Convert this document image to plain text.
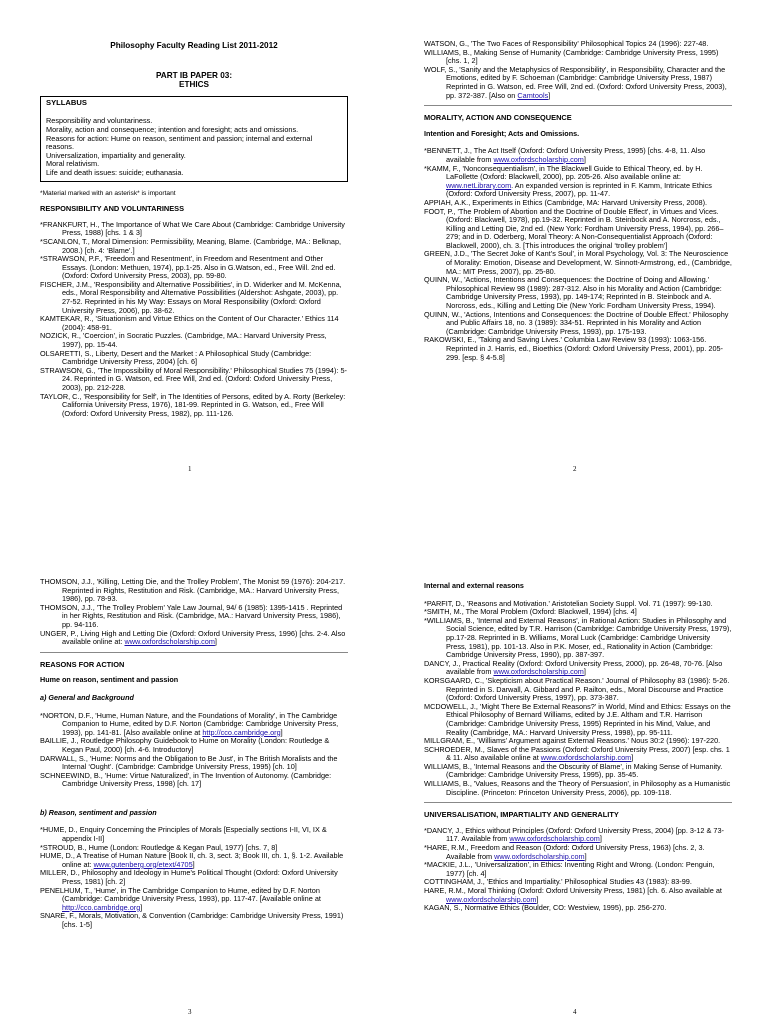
Philosophy Faculty Reading List 2011-2012
PART IB PAPER 03:
ETHICS
SYLLABUS
Responsibility and voluntariness.
Morality, action and consequence; intention and foresight; acts and omissions.
Reasons for action: Hume on reason, sentiment and passion; internal and external reasons.
Universalization, impartiality and generality.
Moral relativism.
Life and death issues: suicide; euthanasia.
*Material marked with an asterisk* is important
RESPONSIBILITY AND VOLUNTARINESS

*FRANKFURT, H., The Importance of What We Care About (Cambridge: Cambridge University Press, 1988) [chs. 1 & 3]

*SCANLON, T., Moral Dimension: Permissibility, Meaning, Blame. (Cambridge, MA.: Belknap, 2008.) [ch. 4: ‘Blame’.]

*STRAWSON, P.F., 'Freedom and Resentment', in Freedom and Resentment and Other Essays. (London: Methuen, 1974), pp.1-25. Also in G.Watson, ed., Free Will. 2nd ed. (Oxford: Oxford University Press, 2003), pp. 59-80.

FISCHER, J.M., 'Responsibility and Alternative Possibilities', in D. Widerker and M. McKenna, eds., Moral Responsibility and Alternative Possibilities (Aldershot: Ashgate, 2003), pp. 27-52. Reprinted in his My Way: Essays on Moral Responsibility (Oxford: Oxford University Press, 2006), pp. 38-62.

KAMTEKAR, R., 'Situationism and Virtue Ethics on the Content of Our Character.' Ethics 114 (2004): 458-91.

NOZICK, R., 'Coercion', in Socratic Puzzles. (Cambridge, MA.: Harvard University Press, 1997), pp. 15-44.

OLSARETTI, S., Liberty, Desert and the Market : A Philosophical Study (Cambridge: Cambridge University Press, 2004) [ch. 6]

STRAWSON, G., 'The Impossibility of Moral Responsibility.' Philosophical Studies 75 (1994): 5-24. Reprinted in G. Watson, ed. Free Will, 2nd ed. (Oxford: Oxford University Press, 2003), pp. 212-228.

TAYLOR, C., 'Responsibility for Self', in The Identities of Persons, edited by A. Rorty (Berkeley: California University Press, 1976), 181-99. Reprinted in G. Watson, ed., Free Will (Oxford: Oxford University Press, 1982), pp. 111-126.

1

WATSON, G., 'The Two Faces of Responsibility' Philosophical Topics 24 (1996): 227-48.

WILLIAMS, B., Making Sense of Humanity (Cambridge: Cambridge University Press, 1995) [chs. 1, 2]

WOLF, S., 'Sanity and the Metaphysics of Responsibility', in Responsibility, Character and the Emotions, edited by F. Schoeman (Cambridge: Cambridge University Press, 1987) Reprinted in G. Watson, ed. Free Will, 2nd ed. (Oxford: Oxford University Press, 2003), pp. 372-387. [Also on Camtools]

MORALITY, ACTION AND CONSEQUENCE
Intention and Foresight; Acts and Omissions.

*BENNETT, J., The Act Itself (Oxford: Oxford University Press, 1995) [chs. 4-8, 11. Also available from www.oxfordscholarship.com]

*KAMM, F., 'Nonconsequentialism', in The Blackwell Guide to Ethical Theory, ed. by H. LaFollette (Oxford: Blackwell, 2000), pp. 205-26. Also available online at: www.netLibrary.com. An expanded version is reprinted in F. Kamm, Intricate Ethics (Oxford: Oxford University Press, 2007), pp. 11-47.

APPIAH, A.K., Experiments in Ethics (Cambridge, MA: Harvard University Press, 2008).

FOOT, P., 'The Problem of Abortion and the Doctrine of Double Effect', in Virtues and Vices. (Oxford: Blackwell, 1978), pp.19-32. Reprinted in B. Steinbock and A. Norcross, eds., Killing and Letting Die, 2nd ed. (New York: Fordham University Press, 1994), pp. 266–279; and in D. Oderberg, Moral Theory: A Non-Consequentialist Approach (Oxford: Blackwell, 2000), ch. 3. [This introduces the original ‘trolley problem’]

GREEN, J.D., 'The Secret Joke of Kant’s Soul', in Moral Psychology, Vol. 3: The Neuroscience of Morality: Emotion, Disease and Development, W. Sinnott-Armstrong, ed., (Cambridge, MA.: MIT Press, 2007), pp. 25-80.

QUINN, W., 'Actions, Intentions and Consequences: the Doctrine of Doing and Allowing.' Philosophical Review 98 (1989): 287-312. Also in his Morality and Action (Cambridge: Cambridge University Press, 1993), pp. 149-174; Reprinted in B. Steinbock and A. Norcross, eds., Killing and Letting Die (New York: Fordham University Press, 1994).

QUINN, W., 'Actions, Intentions and Consequences: the Doctrine of Double Effect.' Philosophy and Public Affairs 18, no. 3 (1989): 334-51. Reprinted in his Morality and Action (Cambridge: Cambridge University Press, 1993), pp. 175-193.

RAKOWSKI, E., 'Taking and Saving Lives.' Columbia Law Review 93 (1993): 1063-156. Reprinted in J. Harris, ed., Bioethics (Oxford: Oxford University Press, 2001), pp. 205-299. [esp. § 4-5.8]

2

THOMSON, J.J., 'Killing, Letting Die, and the Trolley Problem', The Monist 59 (1976): 204-217. Reprinted in Rights, Restitution and Risk. (Cambridge, MA.: Harvard University Press, 1986), pp. 78-93.

THOMSON, J.J., 'The Trolley Problem' Yale Law Journal, 94/ 6 (1985): 1395-1415 . Reprinted in her Rights, Restitution and Risk. (Cambridge, MA.: Harvard University Press, 1986), pp. 94-116.

UNGER, P., Living High and Letting Die (Oxford: Oxford University Press, 1996) [chs. 2-4. Also available online at: www.oxfordscholarship.com]

REASONS FOR ACTION
Hume on reason, sentiment and passion
a) General and Background

*NORTON, D.F., 'Hume, Human Nature, and the Foundations of Morality', in The Cambridge Companion to Hume, edited by D.F. Norton (Cambridge: Cambridge University Press, 1993), pp. 141-81. [Also available online at http://cco.cambridge.org]

BAILLIE, J., Routledge Philosophy Guidebook to Hume on Morality (London: Routledge & Kegan Paul, 2000) [ch. 4-6. Introductory]

DARWALL, S., 'Hume: Norms and the Obligation to Be Just', in The British Moralists and the Internal ‘Ought’. (Cambridge: Cambridge University Press, 1995) [ch. 10]

SCHNEEWIND, B., 'Hume: Virtue Naturalized', in The Invention of Autonomy. (Cambridge: Cambridge University Press, 1998) [ch. 17]

b) Reason, sentiment and passion

*HUME, D., Enquiry Concerning the Principles of Morals [Especially sections I-II, VI, IX & appendix I-II]

*STROUD, B., Hume (London: Routledge & Kegan Paul, 1977) [chs. 7, 8]

HUME, D., A Treatise of Human Nature [Book II, ch. 3, sect. 3; Book III, ch. 1, §. 1-2. Available online at: www.gutenberg.org/etext/4705]

MILLER, D., Philosophy and Ideology in Hume's Political Thought (Oxford: Oxford University Press, 1981) [ch. 2]

PENELHUM, T., 'Hume', in The Cambridge Companion to Hume, edited by D.F. Norton (Cambridge: Cambridge University Press, 1993), pp. 117-47. [Available online at http://cco.cambridge.org]

SNARE, F., Morals, Motivation, & Convention (Cambridge: Cambridge University Press, 1991) [chs. 1-5]

3
Internal and external reasons

*PARFIT, D., 'Reasons and Motivation.' Aristotelian Society Suppl. Vol. 71 (1997): 99-130.

*SMITH, M., The Moral Problem (Oxford: Blackwell, 1994) [chs. 4]

*WILLIAMS, B., 'Internal and External Reasons', in Rational Action: Studies in Philosophy and Social Science, edited by T.R. Harrison (Cambridge: Cambridge University Press, 1979), pp.17-28. Reprinted in B. Williams, Moral Luck (Cambridge: Cambridge University Press, 1981), pp. 101-13. Also in P.K. Moser, ed., Rationality in Action (Cambridge: Cambridge University Press, 1990), pp. 387-397.

DANCY, J., Practical Reality (Oxford: Oxford University Press, 2000), pp. 26-48, 70-76. [Also available from www.oxfordscholarship.com]

KORSGAARD, C., 'Skepticism about Practical Reason.' Journal of Philosophy 83 (1986): 5-26. Reprinted in S. Darwall, A. Gibbard and P. Railton, eds., Moral Discourse and Practice (Oxford: Oxford University Press, 1997), pp. 373-387.

MCDOWELL, J., 'Might There Be External Reasons?' in World, Mind and Ethics: Essays on the Ethical Philosophy of Bernard Williams, edited by J.E. Altham and T.R. Harrison (Cambridge: Cambridge University Press, 1995) Reprinted in his Mind, Value, and Reality (Cambridge, MA.: Harvard University Press, 1998), pp. 95-111.

MILLGRAM, E., 'Williams' Argument against External Reasons.' Nous 30:2 (1996): 197-220.

SCHROEDER, M., Slaves of the Passions (Oxford: Oxford University Press, 2007) [esp. chs. 1 & 11. Also available online at www.oxfordscholarship.com]

WILLIAMS, B., 'Internal Reasons and the Obscurity of Blame', in Making Sense of Humanity. (Cambridge: Cambridge University Press, 1995), pp. 35-45.

WILLIAMS, B., 'Values, Reasons and the Theory of Persuasion', in Philosophy as a Humanistic Discipline. (Princeton: Princeton University Press, 2006), pp. 109-118.

UNIVERSALISATION, IMPARTIALITY AND GENERALITY

*DANCY, J., Ethics without Principles (Oxford: Oxford University Press, 2004) [pp. 3-12 & 73-117. Available from www.oxfordscholarship.com]

*HARE, R.M., Freedom and Reason (Oxford: Oxford University Press, 1963) [chs. 2, 3. Available from www.oxfordscholarship.com]

*MACKIE, J.L., 'Universalization', in Ethics: Inventing Right and Wrong. (London: Penguin, 1977) [ch. 4]

COTTINGHAM, J., 'Ethics and Impartiality.' Philosophical Studies 43 (1983): 83-99.

HARE, R.M., Moral Thinking (Oxford: Oxford University Press, 1981) [ch. 6. Also available at www.oxfordscholarship.com]

KAGAN, S., Normative Ethics (Boulder, CO: Westview, 1995), pp. 256-270.

4
